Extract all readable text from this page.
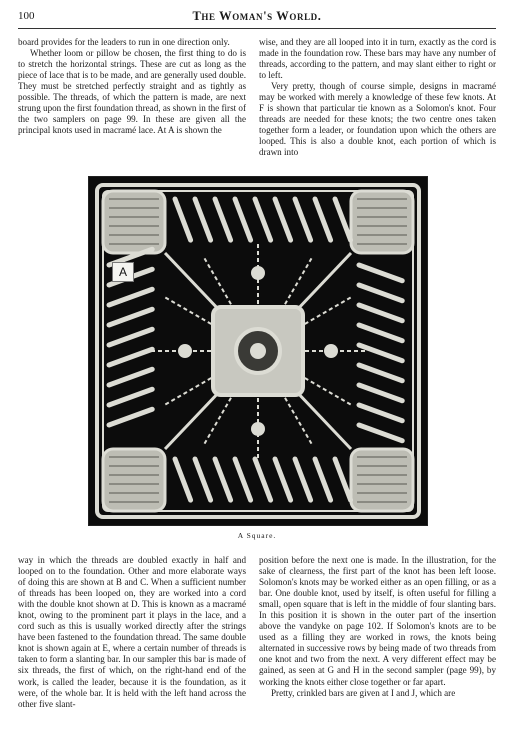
100	The Woman's World.

board provides for the leaders to run in one direction only.

Whether loom or pillow be chosen, the first thing to do is to stretch the horizontal strings. These are cut as long as the piece of lace that is to be made, and are generally used double. They must be stretched perfectly straight and as tightly as possible. The threads, of which the pattern is made, are next strung upon the first foundation thread, as shown in the first of the two samplers on page 99. In these are given all the principal knots used in macramé lace. At A is shown the

wise, and they are all looped into it in turn, exactly as the cord is made in the foundation row. These bars may have any number of threads, according to the pattern, and may slant either to right or to left.

Very pretty, though of course simple, designs in macramé may be worked with merely a knowledge of these few knots. At F is shown that particular tie known as a Solomon's knot. Four threads are needed for these knots; the two centre ones taken together form a leader, or foundation upon which the others are looped. This is also a double knot, each portion of which is drawn into

A
A Square.

way in which the threads are doubled exactly in half and looped on to the foundation. Other and more elaborate ways of doing this are shown at B and C. When a sufficient number of threads has been looped on, they are worked into a cord with the double knot shown at D. This is known as a macramé knot, owing to the prominent part it plays in the lace, and a cord such as this is usually worked directly after the strings have been fastened to the foundation thread. The same double knot is shown again at E, where a certain number of threads is taken to form a slanting bar. In our sampler this bar is made of six threads, the first of which, on the right-hand end of the work, is called the leader, because it is the foundation, as it were, of the whole bar. It is held with the left hand across the other five slant-

position before the next one is made. In the illustration, for the sake of clearness, the first part of the knot has been left loose. Solomon's knots may be worked either as an open filling, or as a bar. One double knot, used by itself, is often useful for filling a small, open square that is left in the middle of four slanting bars. In this position it is shown in the outer part of the insertion above the vandyke on page 102. If Solomon's knots are to be used as a filling they are worked in rows, the knots being alternated in successive rows by being made of two threads from one knot and two from the next. A very different effect may be gained, as seen at G and H in the second sampler (page 99), by working the knots either close together or far apart.

Pretty, crinkled bars are given at I and J, which are
